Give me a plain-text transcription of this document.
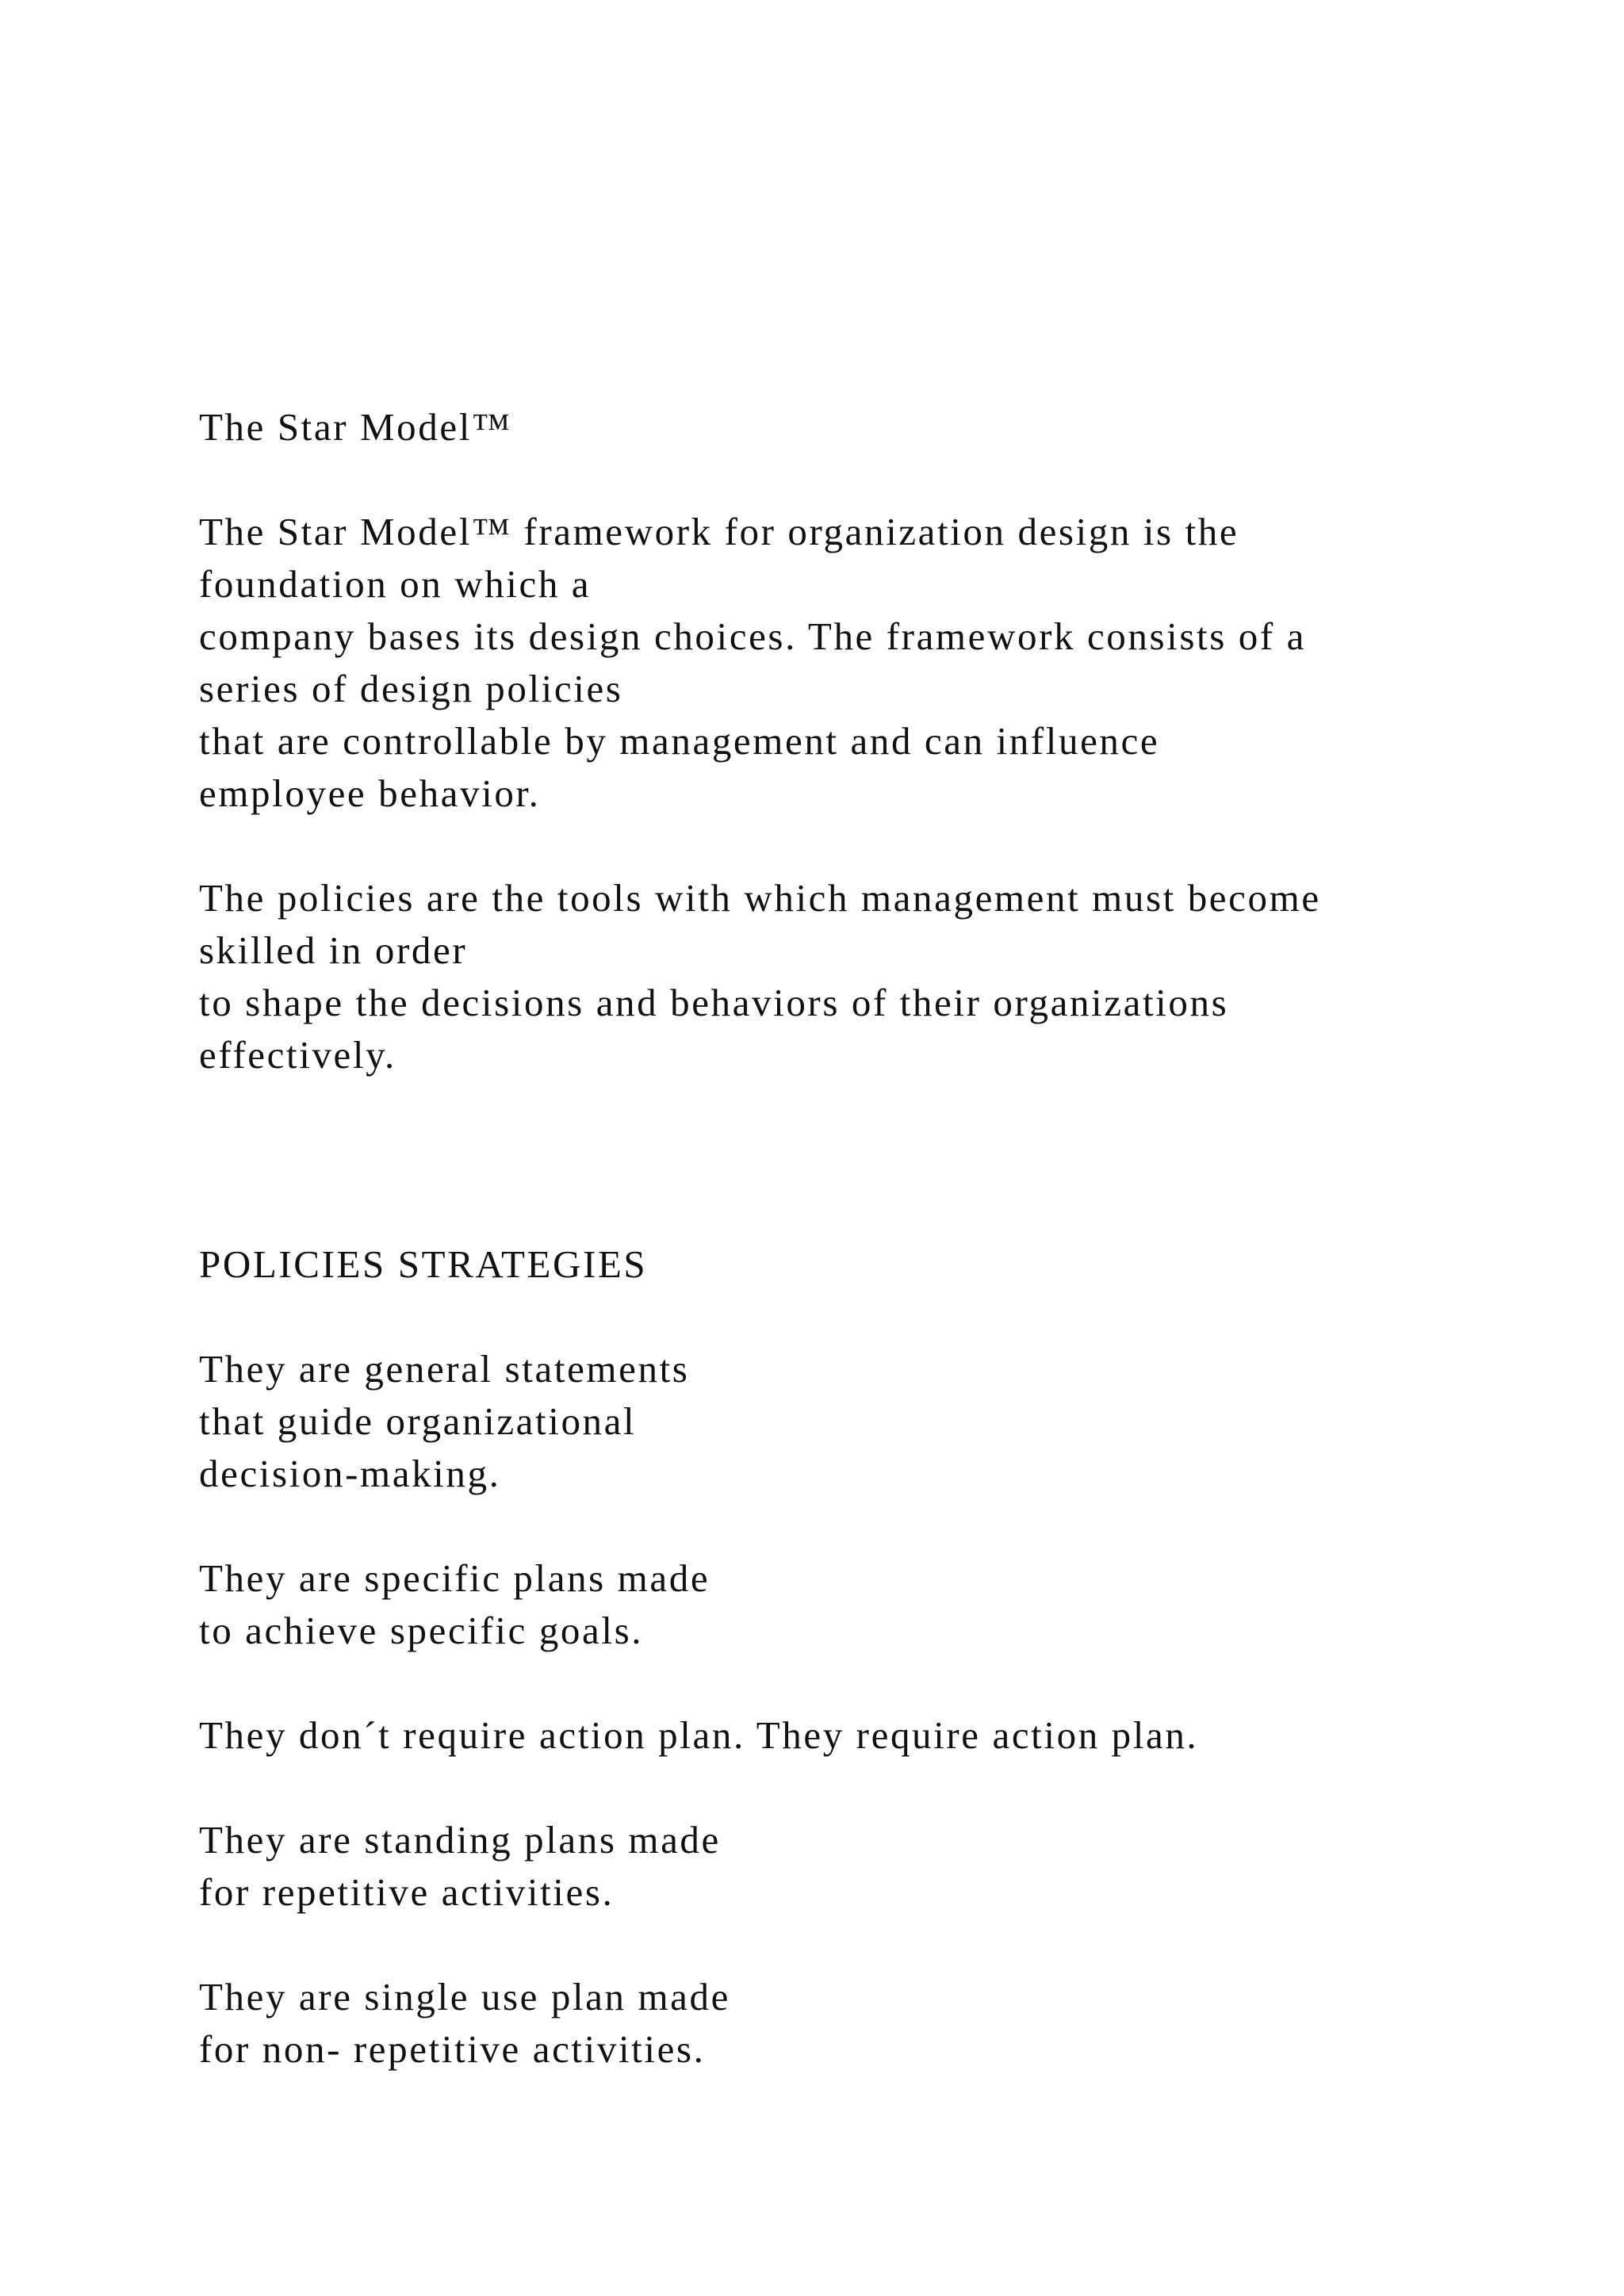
The Star Model™
The Star Model™ framework for organization design is the
foundation on which a
company bases its design choices. The framework consists of a
series of design policies
that are controllable by management and can influence
employee behavior.
The policies are the tools with which management must become
skilled in order
to shape the decisions and behaviors of their organizations
effectively.
POLICIES STRATEGIES
They are general statements
that guide organizational
decision-making.
They are specific plans made
to achieve specific goals.
They don´t require action plan. They require action plan.
They are standing plans made
for repetitive activities.
They are single use plan made
for non- repetitive activities.
